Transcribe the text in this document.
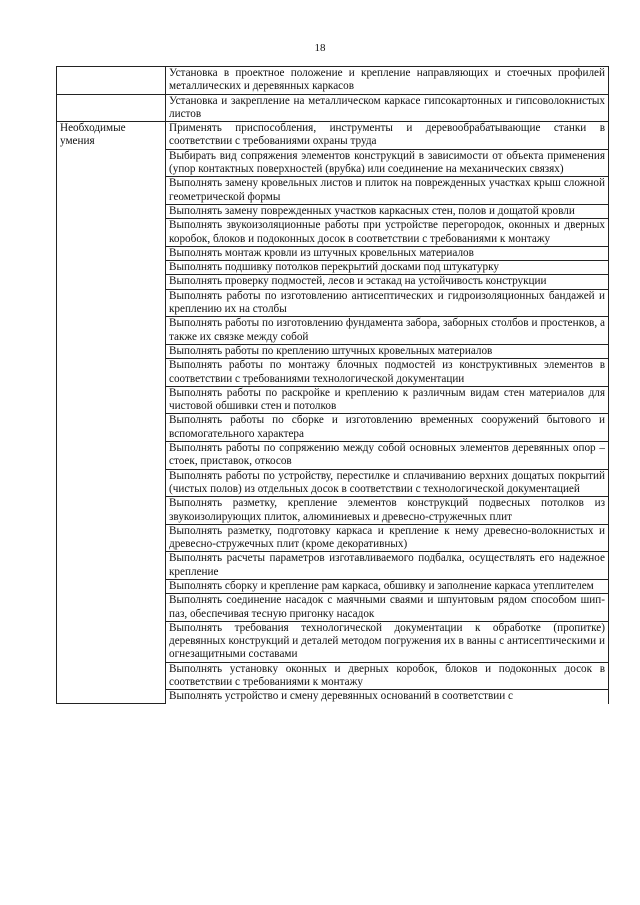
18
	Установка в проектное положение и крепление направляющих и стоечных профилей металлических и деревянных каркасов
	Установка и закрепление на металлическом каркасе гипсокартонных и гипсоволокнистых листов
Необходимые умения	Применять приспособления, инструменты и деревообрабатывающие станки в соответствии с требованиями охраны труда
	Выбирать вид сопряжения элементов конструкций в зависимости от объекта применения (упор контактных поверхностей (врубка) или соединение на механических связях)
	Выполнять замену кровельных листов и плиток на поврежденных участках крыш сложной геометрической формы
	Выполнять замену поврежденных участков каркасных стен, полов и дощатой кровли
	Выполнять звукоизоляционные работы при устройстве перегородок, оконных и дверных коробок, блоков и подоконных досок в соответствии с требованиями к монтажу
	Выполнять монтаж кровли из штучных кровельных материалов
	Выполнять подшивку потолков перекрытий досками под штукатурку
	Выполнять проверку подмостей, лесов и эстакад на устойчивость конструкции
	Выполнять работы по изготовлению антисептических и гидроизоляционных бандажей и креплению их на столбы
	Выполнять работы по изготовлению фундамента забора, заборных столбов и простенков, а также их связке между собой
	Выполнять работы по креплению штучных кровельных материалов
	Выполнять работы по монтажу блочных подмостей из конструктивных элементов в соответствии с требованиями технологической документации
	Выполнять работы по раскройке и креплению к различным видам стен материалов для чистовой обшивки стен и потолков
	Выполнять работы по сборке и изготовлению временных сооружений бытового и вспомогательного характера
	Выполнять работы по сопряжению между собой основных элементов деревянных опор – стоек, приставок, откосов
	Выполнять работы по устройству, перестилке и сплачиванию верхних дощатых покрытий (чистых полов) из отдельных досок в соответствии с технологической документацией
	Выполнять разметку, крепление элементов конструкций подвесных потолков из звукоизолирующих плиток, алюминиевых и древесно-стружечных плит
	Выполнять разметку, подготовку каркаса и крепление к нему древесно-волокнистых и древесно-стружечных плит (кроме декоративных)
	Выполнять расчеты параметров изготавливаемого подбалка, осуществлять его надежное крепление
	Выполнять сборку и крепление рам каркаса, обшивку и заполнение каркаса утеплителем
	Выполнять соединение насадок с маячными сваями и шпунтовым рядом способом шип-паз, обеспечивая тесную пригонку насадок
	Выполнять требования технологической документации к обработке (пропитке) деревянных конструкций и деталей методом погружения их в ванны с антисептическими и огнезащитными составами
	Выполнять установку оконных и дверных коробок, блоков и подоконных досок в соответствии с требованиями к монтажу
	Выполнять устройство и смену деревянных оснований в соответствии с
